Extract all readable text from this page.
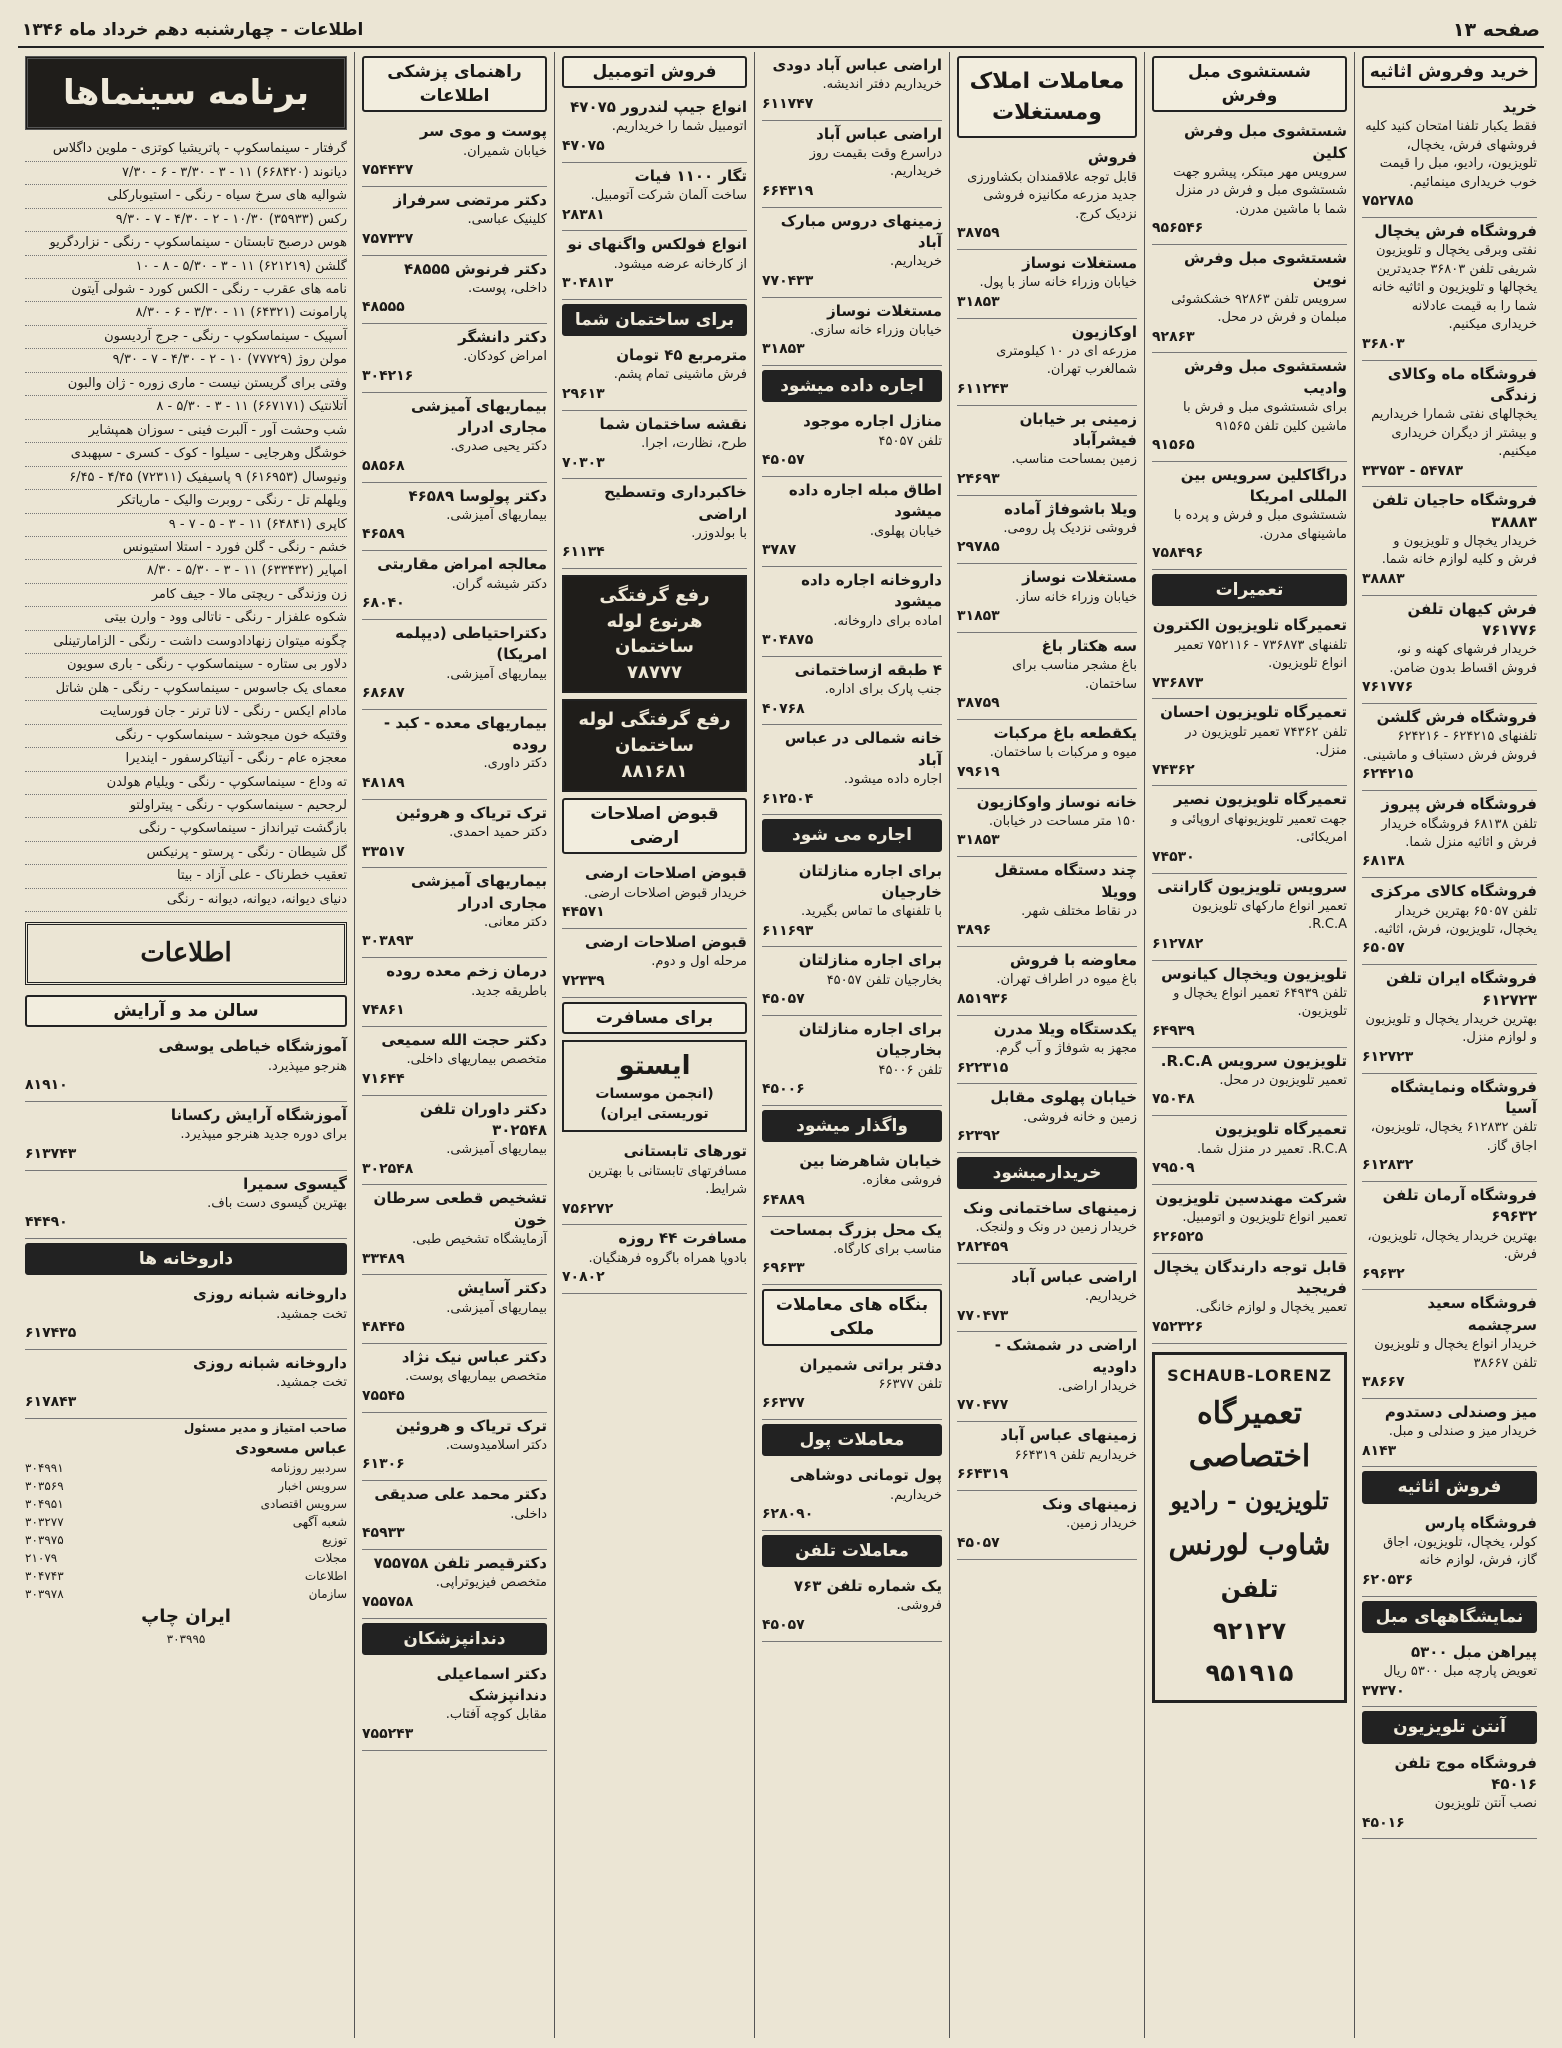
صفحه ۱۳
اطلاعات - چهارشنبه دهم خرداد ماه ۱۳۴۶
خرید وفروش اثاثیه
خرید
فقط یکبار تلفنا امتحان کنید کلیه فروشهای فرش، یخچال، تلویزیون، رادیو، مبل را قیمت خوب خریداری مینمائیم.
۷۵۲۷۸۵
فروشگاه فرش یخچال
نفتی وبرقی یخچال و تلویزیون شریفی تلفن ۳۶۸۰۳ جدیدترین یخچالها و تلویزیون و اثاثیه خانه شما را به قیمت عادلانه خریداری میکنیم.
۳۶۸۰۳
فروشگاه ماه وکالای زندگی
یخچالهای نفتی شمارا خریداریم و بیشتر از دیگران خریداری میکنیم.
۳۳۷۵۳ - ۵۴۷۸۳
فروشگاه حاجیان تلفن ۳۸۸۸۳
خریدار یخچال و تلویزیون و فرش و کلیه لوازم خانه شما.
۳۸۸۸۳
فرش کیهان تلفن ۷۶۱۷۷۶
خریدار فرشهای کهنه و نو، فروش اقساط بدون ضامن.
۷۶۱۷۷۶
فروشگاه فرش گلشن
تلفنهای ۶۲۴۲۱۵ - ۶۲۴۲۱۶ فروش فرش دستباف و ماشینی.
۶۲۴۲۱۵
فروشگاه فرش پیروز
تلفن ۶۸۱۳۸ فروشگاه خریدار فرش و اثاثیه منزل شما.
۶۸۱۳۸
فروشگاه کالای مرکزی
تلفن ۶۵۰۵۷ بهترین خریدار یخچال، تلویزیون، فرش، اثاثیه.
۶۵۰۵۷
فروشگاه ایران تلفن ۶۱۲۷۲۳
بهترین خریدار یخچال و تلویزیون و لوازم منزل.
۶۱۲۷۲۳
فروشگاه ونمایشگاه آسیا
تلفن ۶۱۲۸۳۲ یخچال، تلویزیون، اجاق گاز.
۶۱۲۸۳۲
فروشگاه آرمان تلفن ۶۹۶۳۲
بهترین خریدار یخچال، تلویزیون، فرش.
۶۹۶۳۲
فروشگاه سعید سرچشمه
خریدار انواع یخچال و تلویزیون تلفن ۳۸۶۶۷
۳۸۶۶۷
میز وصندلی دستدوم
خریدار میز و صندلی و مبل.
۸۱۴۳
فروش اثاثیه
فروشگاه پارس
کولر، یخچال، تلویزیون، اجاق گاز، فرش، لوازم خانه
۶۲۰۵۳۶
نمایشگاههای مبل
پیراهن مبل ۵۳۰۰
تعویض پارچه مبل ۵۳۰۰ ریال
۳۷۳۷۰
آنتن تلویزیون
فروشگاه موج تلفن ۴۵۰۱۶
نصب آنتن تلویزیون
۴۵۰۱۶
شستشوی مبل وفرش
شستشوی مبل وفرش کلین
سرویس مهر مبتکر، پیشرو جهت شستشوی مبل و فرش در منزل شما با ماشین مدرن.
۹۵۶۵۴۶
شستشوی مبل وفرش نوین
سرویس تلفن ۹۲۸۶۳ خشکشوئی مبلمان و فرش در محل.
۹۲۸۶۳
شستشوی مبل وفرش وادیب
برای شستشوی مبل و فرش با ماشین کلین تلفن ۹۱۵۶۵
۹۱۵۶۵
دراگاکلین سرویس بین المللی امریکا
شستشوی مبل و فرش و پرده با ماشینهای مدرن.
۷۵۸۴۹۶
تعمیرات
تعمیرگاه تلویزیون الکترون
تلفنهای ۷۳۶۸۷۳ - ۷۵۲۱۱۶ تعمیر انواع تلویزیون.
۷۳۶۸۷۳
تعمیرگاه تلویزیون احسان
تلفن ۷۴۳۶۲ تعمیر تلویزیون در منزل.
۷۴۳۶۲
تعمیرگاه تلویزیون نصیر
جهت تعمیر تلویزیونهای اروپائی و امریکائی.
۷۴۵۳۰
سرویس تلویزیون گارانتی
تعمیر انواع مارکهای تلویزیون R.C.A.
۶۱۲۷۸۲
تلویزیون ویخچال کیانوس
تلفن ۶۴۹۳۹ تعمیر انواع یخچال و تلویزیون.
۶۴۹۳۹
تلویزیون سرویس R.C.A.
تعمیر تلویزیون در محل.
۷۵۰۴۸
تعمیرگاه تلویزیون
R.C.A. تعمیر در منزل شما.
۷۹۵۰۹
شرکت مهندسین تلویزیون
تعمیر انواع تلویزیون و اتومبیل.
۶۲۶۵۲۵
قابل توجه دارندگان یخچال فریجید
تعمیر یخچال و لوازم خانگی.
۷۵۲۳۲۶
SCHAUB-LORENZ
تعمیرگاه اختصاصی
تلویزیون - رادیو
شاوب لورنس
تلفن
۹۲۱۲۷
۹۵۱۹۱۵
معاملات املاک ومستغلات
فروش
قابل توجه علاقمندان بکشاورزی جدید مزرعه مکانیزه فروشی نزدیک کرج.
۳۸۷۵۹
مستغلات نوساز
خیابان وزراء خانه ساز با پول.
۳۱۸۵۳
اوکازیون
مزرعه ای در ۱۰ کیلومتری شمالغرب تهران.
۶۱۱۲۴۳
زمینی بر خیابان فیشرآباد
زمین بمساحت مناسب.
۲۴۶۹۳
ویلا باشوفاژ آماده
فروشی نزدیک پل رومی.
۲۹۷۸۵
مستغلات نوساز
خیابان وزراء خانه ساز.
۳۱۸۵۳
سه هکتار باغ
باغ مشجر مناسب برای ساختمان.
۳۸۷۵۹
یکقطعه باغ مرکبات
میوه و مرکبات با ساختمان.
۷۹۶۱۹
خانه نوساز واوکازیون
۱۵۰ متر مساحت در خیابان.
۳۱۸۵۳
چند دستگاه مستقل وویلا
در نقاط مختلف شهر.
۳۸۹۶
معاوضه با فروش
باغ میوه در اطراف تهران.
۸۵۱۹۳۶
یکدستگاه ویلا مدرن
مجهز به شوفاژ و آب گرم.
۶۲۲۳۱۵
خیابان پهلوی مقابل
زمین و خانه فروشی.
۶۲۳۹۲
خریدارمیشود
زمینهای ساختمانی ونک
خریدار زمین در ونک و ولنجک.
۲۸۲۴۵۹
اراضی عباس آباد
خریداریم.
۷۷۰۴۷۳
اراضی در شمشک - داودیه
خریدار اراضی.
۷۷۰۴۷۷
زمینهای عباس آباد
خریداریم تلفن ۶۶۴۳۱۹
۶۶۴۳۱۹
زمینهای ونک
خریدار زمین.
۴۵۰۵۷
اراضی عباس آباد دودی
خریداریم دفتر اندیشه.
۶۱۱۷۴۷
اراضی عباس آباد
دراسرع وقت بقیمت روز خریداریم.
۶۶۴۳۱۹
زمینهای دروس مبارک آباد
خریداریم.
۷۷۰۴۳۳
مستغلات نوساز
خیابان وزراء خانه سازی.
۳۱۸۵۳
اجاره داده میشود
منازل اجاره موجود
تلفن ۴۵۰۵۷
۴۵۰۵۷
اطاق مبله اجاره داده میشود
خیابان پهلوی.
۳۷۸۷
داروخانه اجاره داده میشود
اماده برای داروخانه.
۳۰۴۸۷۵
۴ طبقه ازساختمانی
جنب پارک برای اداره.
۴۰۷۶۸
خانه شمالی در عباس آباد
اجاره داده میشود.
۶۱۲۵۰۴
اجاره می شود
برای اجاره منازلتان خارجیان
با تلفنهای ما تماس بگیرید.
۶۱۱۶۹۳
برای اجاره منازلتان
بخارجیان تلفن ۴۵۰۵۷
۴۵۰۵۷
برای اجاره منازلتان بخارجیان
تلفن ۴۵۰۰۶
۴۵۰۰۶
واگذار میشود
خیابان شاهرضا بین
فروشی مغازه.
۶۴۸۸۹
یک محل بزرگ بمساحت
مناسب برای کارگاه.
۶۹۶۳۳
بنگاه های معاملات ملکی
دفتر براتی شمیران
تلفن ۶۶۳۷۷
۶۶۳۷۷
معاملات پول
پول تومانی دوشاهی
خریداریم.
۶۲۸۰۹۰
معاملات تلفن
یک شماره تلفن ۷۶۳
فروشی.
۴۵۰۵۷
فروش اتومبیل
انواع جیپ لندرور ۴۷۰۷۵
اتومبیل شما را خریداریم.
۴۷۰۷۵
تگار ۱۱۰۰ فیات
ساخت آلمان شرکت آتومبیل.
۲۸۳۸۱
انواع فولکس واگنهای نو
از کارخانه عرضه میشود.
۳۰۴۸۱۳
برای ساختمان شما
مترمربع ۴۵ تومان
فرش ماشینی تمام پشم.
۲۹۶۱۳
نقشه ساختمان شما
طرح، نظارت، اجرا.
۷۰۳۰۳
خاکبرداری وتسطیح اراضی
با بولدوزر.
۶۱۱۳۴
رفع گرفتگی هرنوع لوله ساختمان
۷۸۷۷۷
رفع گرفتگی لوله ساختمان
۸۸۱۶۸۱
قبوض اصلاحات ارضی
قبوض اصلاحات ارضی
خریدار قبوض اصلاحات ارضی.
۴۴۵۷۱
قبوض اصلاحات ارضی
مرحله اول و دوم.
۷۲۳۳۹
برای مسافرت
ایستو
(انجمن موسسات توریستی ایران)
تورهای تابستانی
مسافرتهای تابستانی با بهترین شرایط.
۷۵۶۲۷۲
مسافرت ۴۴ روزه
بادوپا همراه باگروه فرهنگیان.
۷۰۸۰۲
راهنمای پزشکی اطلاعات
پوست و موی سر
خیابان شمیران.
۷۵۴۴۳۷
دکتر مرتضی سرفراز
کلینیک عباسی.
۷۵۷۳۳۷
دکتر فرنوش ۴۸۵۵۵
داخلی، پوست.
۴۸۵۵۵
دکتر دانشگر
امراض کودکان.
۳۰۴۲۱۶
بیماریهای آمیزشی مجاری ادرار
دکتر یحیی صدری.
۵۸۵۶۸
دکتر پولوسا ۴۶۵۸۹
بیماریهای آمیزشی.
۴۶۵۸۹
معالجه امراض مقاربتی
دکتر شیشه گران.
۶۸۰۴۰
دکتراحتیاطی (دیپلمه امریکا)
بیماریهای آمیزشی.
۶۸۶۸۷
بیماریهای معده - کبد - روده
دکتر داوری.
۴۸۱۸۹
ترک تریاک و هروئین
دکتر حمید احمدی.
۳۳۵۱۷
بیماریهای آمیزشی مجاری ادرار
دکتر معانی.
۳۰۳۸۹۳
درمان زخم معده روده
باطریقه جدید.
۷۴۸۶۱
دکتر حجت الله سمیعی
متخصص بیماریهای داخلی.
۷۱۶۴۴
دکتر داوران تلفن ۳۰۲۵۴۸
بیماریهای آمیزشی.
۳۰۲۵۴۸
تشخیص قطعی سرطان خون
آزمایشگاه تشخیص طبی.
۳۳۴۸۹
دکتر آسایش
بیماریهای آمیزشی.
۴۸۴۴۵
دکتر عباس نیک نژاد
متخصص بیماریهای پوست.
۷۵۵۴۵
ترک تریاک و هروئین
دکتر اسلامیدوست.
۶۱۳۰۶
دکتر محمد علی صدیقی
داخلی.
۴۵۹۳۳
دکترقیصر تلفن ۷۵۵۷۵۸
متخصص فیزیوتراپی.
۷۵۵۷۵۸
دندانپزشکان
دکتر اسماعیلی دندانپزشک
مقابل کوچه آفتاب.
۷۵۵۲۴۳
برنامه سینماها
گرفتار - سینماسکوپ - پاتریشیا کوتزی - ملوین داگلاس
دیانوند (۶۶۸۴۲۰) ۱۱ - ۳ - ۳/۳۰ - ۶ - ۷/۳۰
شوالیه های سرخ سیاه - رنگی - استیوبارکلی
رکس (۳۵۹۳۳) ۱۰/۳۰ - ۲ - ۴/۳۰ - ۷ - ۹/۳۰
هوس درصبح تابستان - سینماسکوپ - رنگی - نزاردگریو
گلشن (۶۲۱۲۱۹) ۱۱ - ۳ - ۵/۳۰ - ۸ - ۱۰
نامه های عقرب - رنگی - الکس کورد - شولی آیتون
پارامونت (۶۴۳۲۱) ۱۱ - ۳/۳۰ - ۶ - ۸/۳۰
آسپیک - سینماسکوپ - رنگی - جرج آردیسون
مولن روژ (۷۷۷۲۹) ۱۰ - ۲ - ۴/۳۰ - ۷ - ۹/۳۰
وفتی برای گریستن نیست - ماری زوره - ژان والبون
آتلانتیک (۶۶۷۱۷۱) ۱۱ - ۳ - ۵/۳۰ - ۸
شب وحشت آور - آلبرت فینی - سوزان همپشایر
خوشگل وهرجایی - سیلوا - کوک - کسری - سپهبدی
ونیوسال (۶۱۶۹۵۳) ۹ پاسیفیک (۷۲۳۱۱) ۴/۴۵ - ۶/۴۵
ویلهلم تل - رنگی - روبرت والیک - ماریاتکر
کاپری (۶۴۸۴۱) ۱۱ - ۳ - ۵ - ۷ - ۹
خشم - رنگی - گلن فورد - استلا استیونس
امپایر (۶۳۳۴۳۲) ۱۱ - ۳ - ۵/۳۰ - ۸/۳۰
زن وزندگی - ریچتی مالا - جیف کامر
شکوه علفزار - رنگی - ناتالی وود - وارن بیتی
چگونه میتوان زنهادادوست داشت - رنگی - الزامارتینلی
دلاور بی ستاره - سینماسکوپ - رنگی - باری سویون
معمای یک جاسوس - سینماسکوپ - رنگی - هلن شاتل
مادام ایکس - رنگی - لانا ترنر - جان فورسایت
وقتیکه خون میجوشد - سینماسکوپ - رنگی
معجزه عام - رنگی - آنیتاکرسفور - ایندیرا
ته وداع - سینماسکوپ - رنگی - ویلیام هولدن
لرجحیم - سینماسکوپ - رنگی - پیتراولتو
بازگشت تیرانداز - سینماسکوپ - رنگی
گل شیطان - رنگی - پرستو - پرنیکس
تعقیب خطرناک - علی آزاد - بیتا
دنیای دیوانه، دیوانه، دیوانه - رنگی
اطلاعات
سالن مد و آرایش
آموزشگاه خیاطی یوسفی
هنرجو میپذیرد.
۸۱۹۱۰
آموزشگاه آرایش رکسانا
برای دوره جدید هنرجو میپذیرد.
۶۱۳۷۴۳
گیسوی سمیرا
بهترین گیسوی دست باف.
۴۴۴۹۰
داروخانه ها
داروخانه شبانه روزی
تخت جمشید.
۶۱۷۴۳۵
داروخانه شبانه روزی
تخت جمشید.
۶۱۷۸۴۳
صاحب امتیاز و مدیر مسئول
عباس مسعودی
سردبیر روزنامه
۳۰۴۹۹۱
سرویس اخبار
۳۰۳۵۶۹
سرویس اقتصادی
۳۰۴۹۵۱
شعبه آگهی
۳۰۳۲۷۷
توزیع
۳۰۳۹۷۵
مجلات
۲۱۰۷۹
اطلاعات
۳۰۴۷۴۳
سازمان
۳۰۳۹۷۸
ایران چاپ
۳۰۳۹۹۵
